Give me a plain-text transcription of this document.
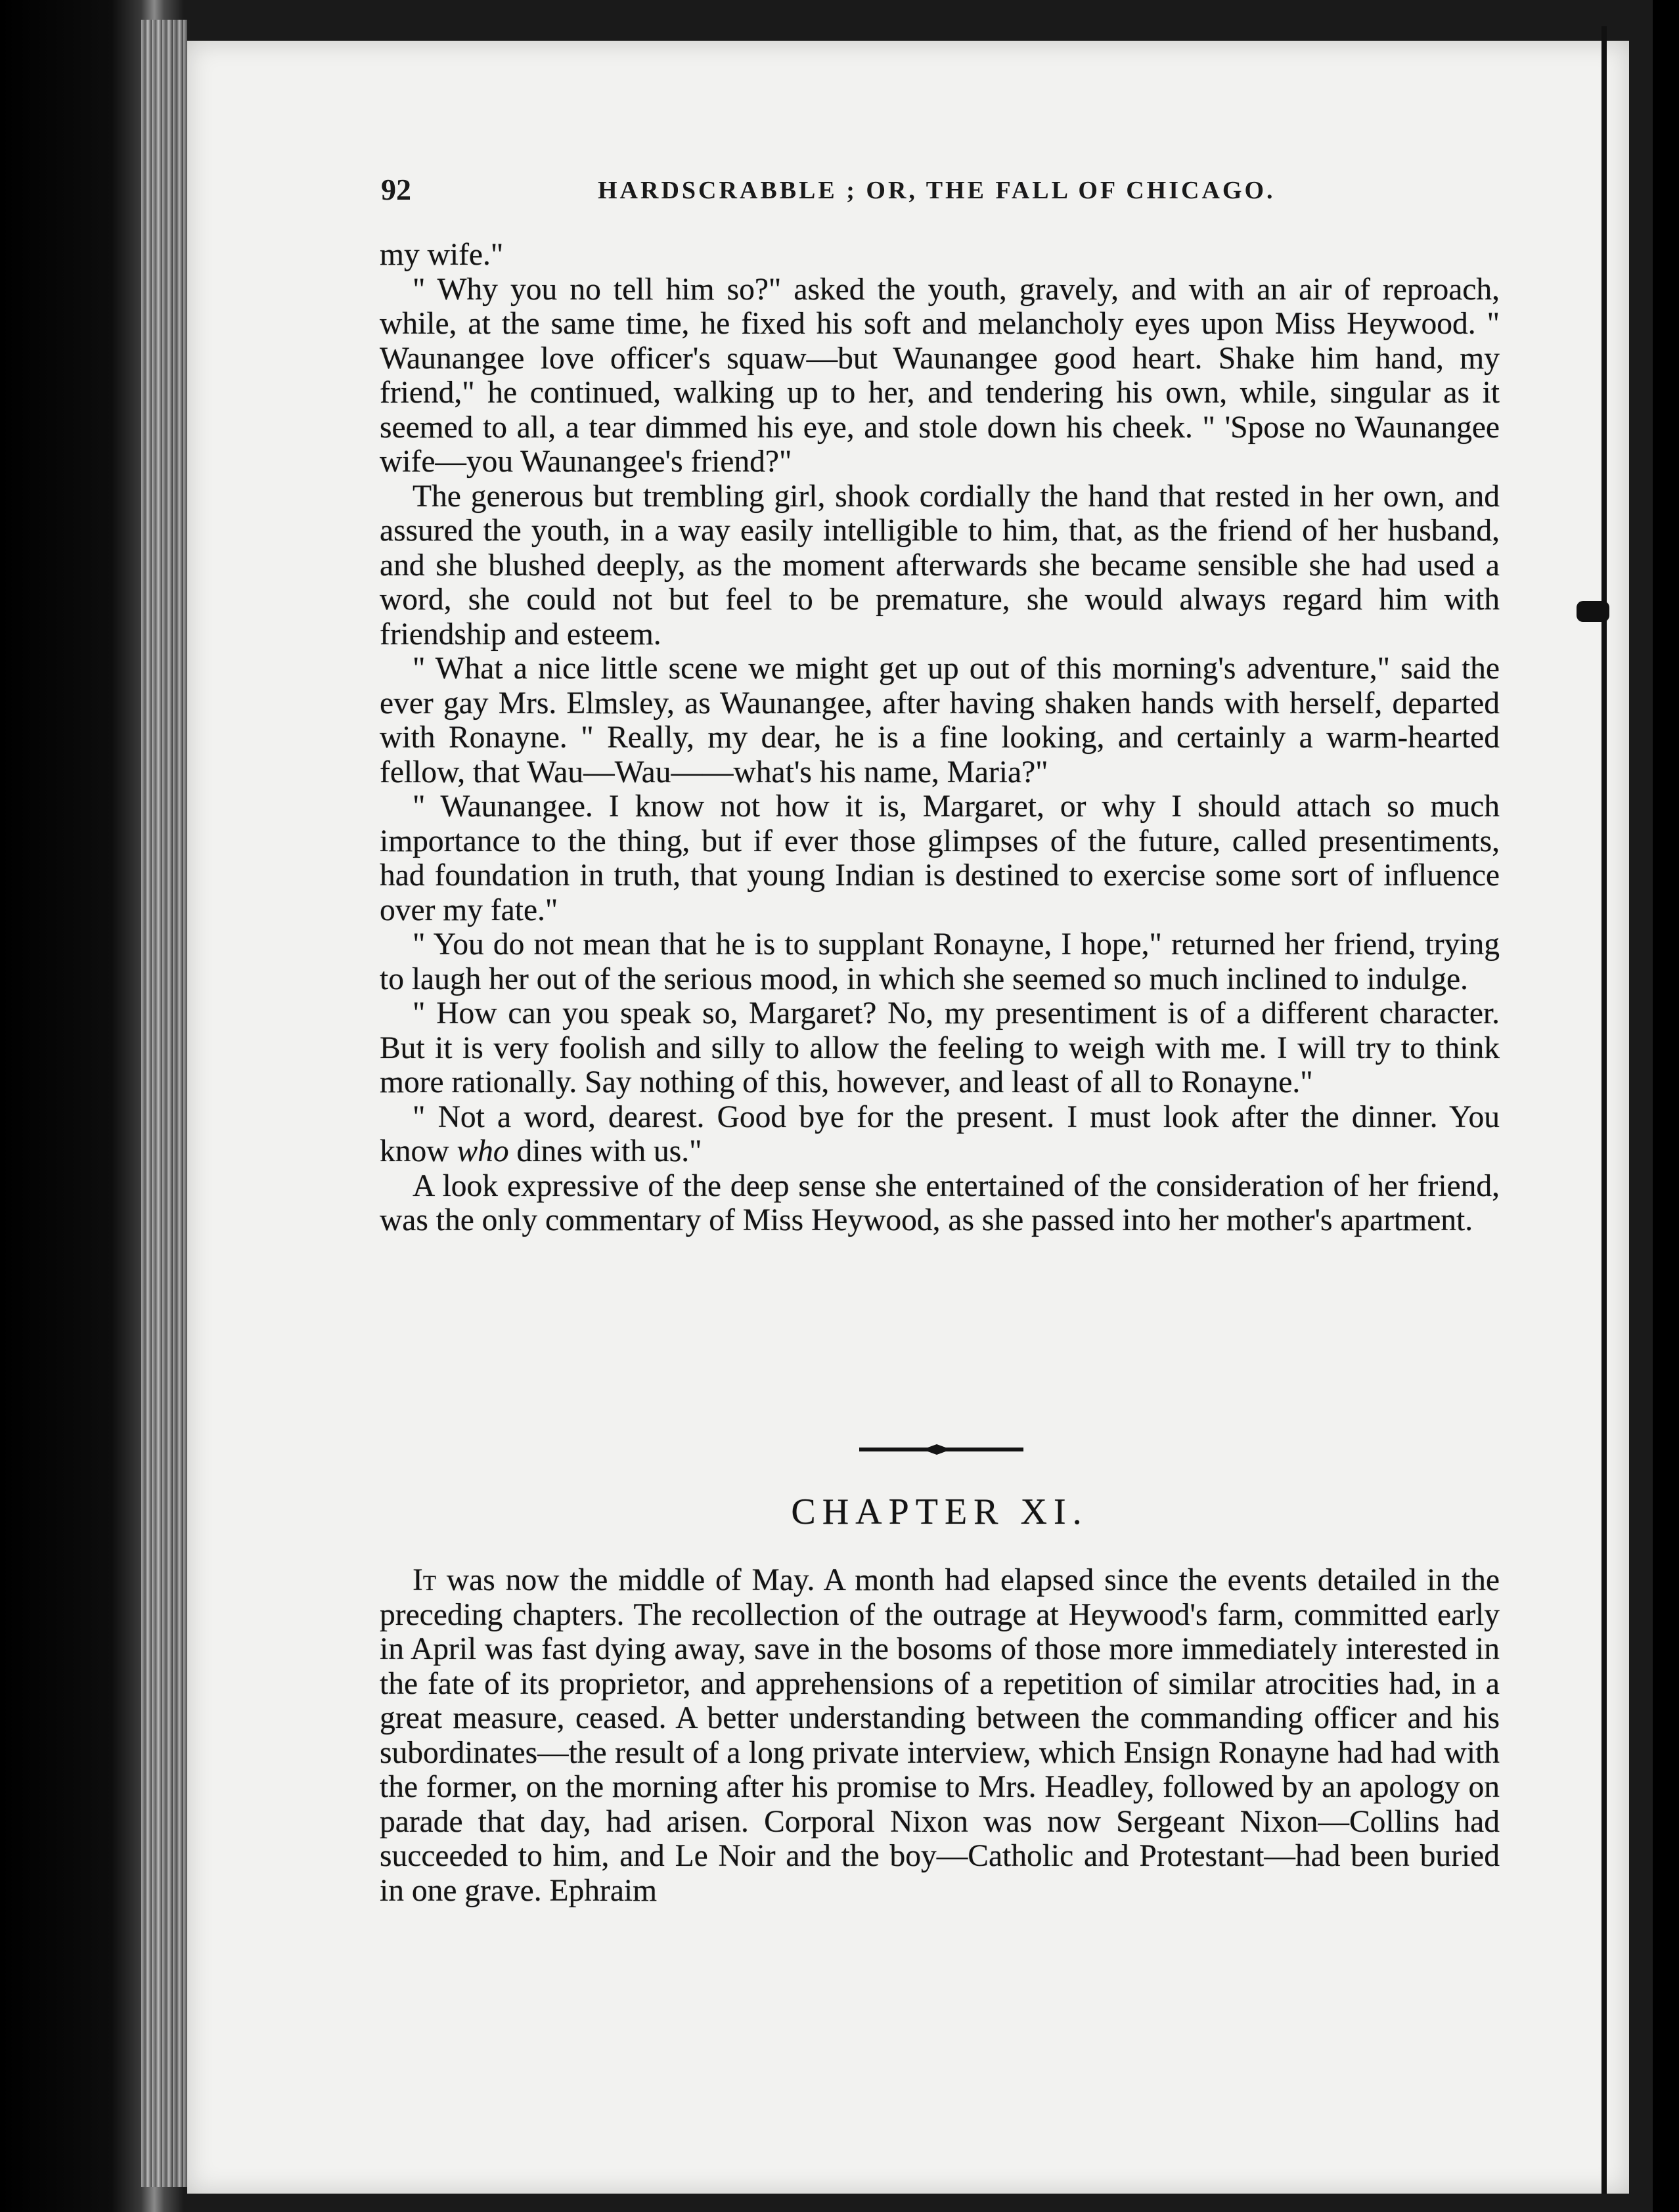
92	HARDSCRABBLE ; OR, THE FALL OF CHICAGO.

my wife."

" Why you no tell him so?" asked the youth, gravely, and with an air of reproach, while, at the same time, he fixed his soft and melancholy eyes upon Miss Heywood. " Waunangee love officer's squaw—but Waunangee good heart. Shake him hand, my friend," he continued, walking up to her, and tendering his own, while, singular as it seemed to all, a tear dimmed his eye, and stole down his cheek. " 'Spose no Waunangee wife—you Waunangee's friend?"

The generous but trembling girl, shook cordially the hand that rested in her own, and assured the youth, in a way easily intelligible to him, that, as the friend of her husband, and she blushed deeply, as the moment afterwards she became sensible she had used a word, she could not but feel to be premature, she would always regard him with friendship and esteem.

" What a nice little scene we might get up out of this morning's adventure," said the ever gay Mrs. Elmsley, as Waunangee, after having shaken hands with herself, departed with Ronayne. " Really, my dear, he is a fine looking, and certainly a warm-hearted fellow, that Wau—Wau——what's his name, Maria?"

" Waunangee. I know not how it is, Margaret, or why I should attach so much importance to the thing, but if ever those glimpses of the future, called presentiments, had foundation in truth, that young Indian is destined to exercise some sort of influence over my fate."

" You do not mean that he is to supplant Ronayne, I hope," returned her friend, trying to laugh her out of the serious mood, in which she seemed so much inclined to indulge.

" How can you speak so, Margaret? No, my presentiment is of a different character. But it is very foolish and silly to allow the feeling to weigh with me. I will try to think more rationally. Say nothing of this, however, and least of all to Ronayne."

" Not a word, dearest. Good bye for the present. I must look after the dinner. You know who dines with us."

A look expressive of the deep sense she entertained of the consideration of her friend, was the only commentary of Miss Heywood, as she passed into her mother's apartment.

CHAPTER XI.

It was now the middle of May. A month had elapsed since the events detailed in the preceding chapters. The recollection of the outrage at Heywood's farm, committed early in April was fast dying away, save in the bosoms of those more immediately interested in the fate of its proprietor, and apprehensions of a repetition of similar atrocities had, in a great measure, ceased. A better understanding between the commanding officer and his subordinates—the result of a long private interview, which Ensign Ronayne had had with the former, on the morning after his promise to Mrs. Headley, followed by an apology on parade that day, had arisen. Corporal Nixon was now Sergeant Nixon—Collins had succeeded to him, and Le Noir and the boy—Catholic and Protestant—had been buried in one grave. Ephraim
